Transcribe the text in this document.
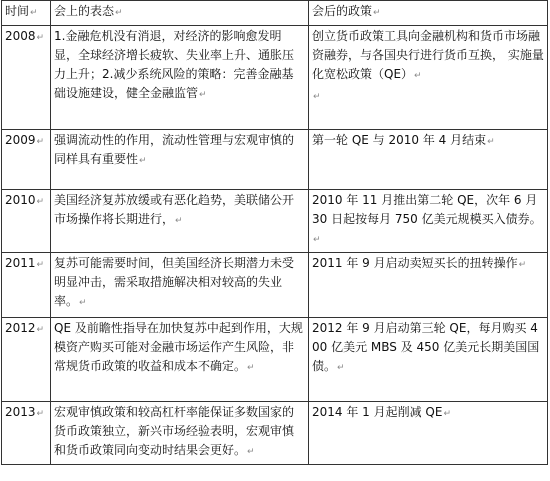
时间↵	会上的表态↵	会后的政策↵
2008↵	1.金融危机没有消退，对经济的影响愈发明显，全球经济增长疲软、失业率上升、通胀压力上升；2.减少系统风险的策略：完善金融基础设施建设，健全金融监管↵	创立货币政策工具向金融机构和货币市场融资融券，与各国央行进行货币互换， 实施量化宽松政策（QE）↵
↵

2009↵	强调流动性的作用，流动性管理与宏观审慎的同样具有重要性↵	第一轮 QE 与 2010 年 4 月结束↵

2010↵	美国经济复苏放缓或有恶化趋势，美联储公开市场操作将长期进行，↵	2010 年 11 月推出第二轮 QE，次年 6 月 30 日起按每月 750 亿美元规模买入债券。↵

2011↵	复苏可能需要时间，但美国经济长期潜力未受明显冲击，需采取措施解决相对较高的失业率。↵	2011 年 9 月启动卖短买长的扭转操作↵

2012↵	QE 及前瞻性指导在加快复苏中起到作用，大规模资产购买可能对金融市场运作产生风险，非常规货币政策的收益和成本不确定。↵	2012 年 9 月启动第三轮 QE，每月购买 400 亿美元 MBS 及 450 亿美元长期美国国债。↵

2013↵	宏观审慎政策和较高杠杆率能保证多数国家的货币政策独立，新兴市场经验表明，宏观审慎和货币政策同向变动时结果会更好。↵	2014 年 1 月起削减 QE↵
